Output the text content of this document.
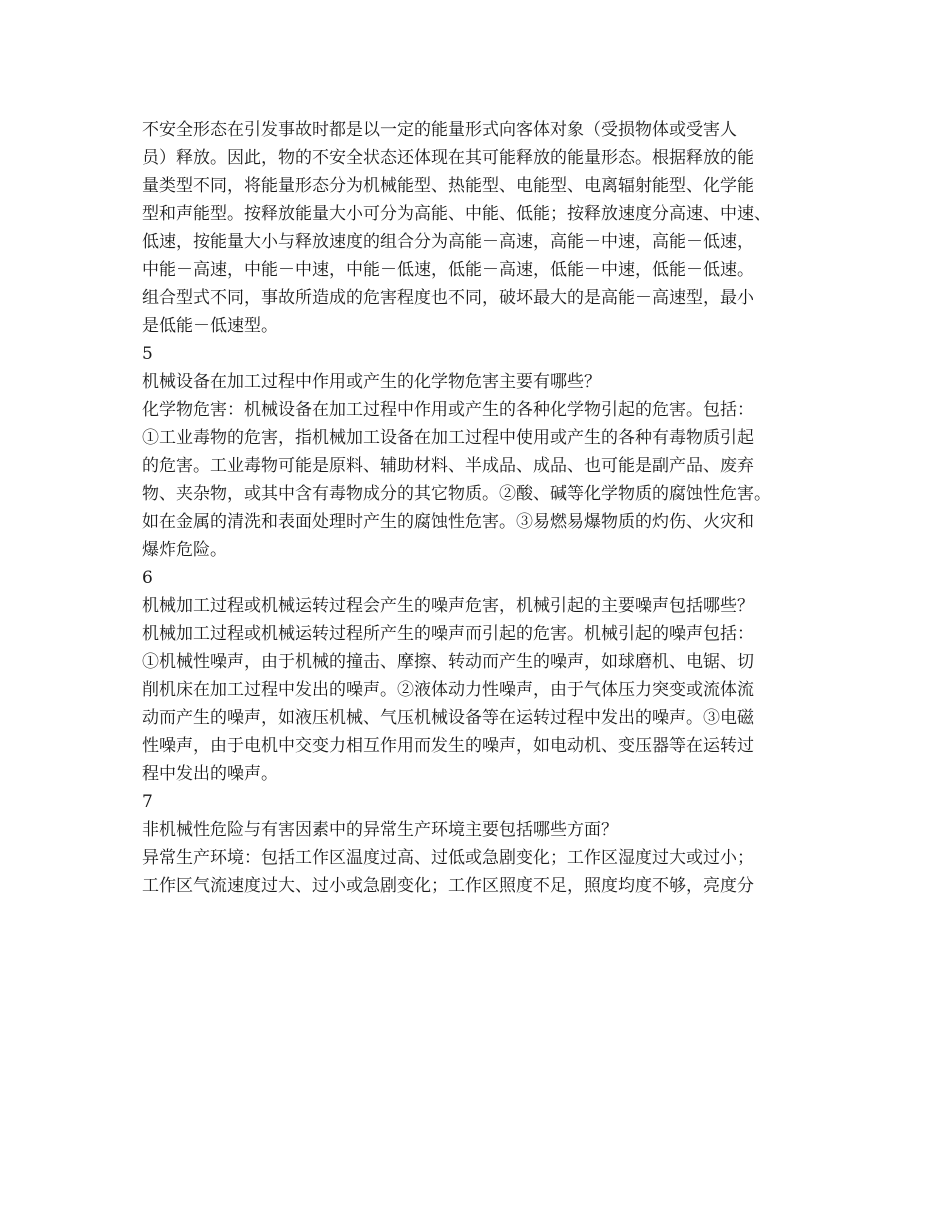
不安全形态在引发事故时都是以一定的能量形式向客体对象（受损物体或受害人
员）释放。因此，物的不安全状态还体现在其可能释放的能量形态。根据释放的能
量类型不同，将能量形态分为机械能型、热能型、电能型、电离辐射能型、化学能
型和声能型。按释放能量大小可分为高能、中能、低能；按释放速度分高速、中速、
低速，按能量大小与释放速度的组合分为高能－高速，高能－中速，高能－低速，
中能－高速，中能－中速，中能－低速，低能－高速，低能－中速，低能－低速。
组合型式不同，事故所造成的危害程度也不同，破坏最大的是高能－高速型，最小
是低能－低速型。
5
机械设备在加工过程中作用或产生的化学物危害主要有哪些？
化学物危害：机械设备在加工过程中作用或产生的各种化学物引起的危害。包括：
①工业毒物的危害，指机械加工设备在加工过程中使用或产生的各种有毒物质引起
的危害。工业毒物可能是原料、辅助材料、半成品、成品、也可能是副产品、废弃
物、夹杂物，或其中含有毒物成分的其它物质。②酸、碱等化学物质的腐蚀性危害。
如在金属的清洗和表面处理时产生的腐蚀性危害。③易燃易爆物质的灼伤、火灾和
爆炸危险。
6
机械加工过程或机械运转过程会产生的噪声危害，机械引起的主要噪声包括哪些？
机械加工过程或机械运转过程所产生的噪声而引起的危害。机械引起的噪声包括：
①机械性噪声，由于机械的撞击、摩擦、转动而产生的噪声，如球磨机、电锯、切
削机床在加工过程中发出的噪声。②液体动力性噪声，由于气体压力突变或流体流
动而产生的噪声，如液压机械、气压机械设备等在运转过程中发出的噪声。③电磁
性噪声，由于电机中交变力相互作用而发生的噪声，如电动机、变压器等在运转过
程中发出的噪声。
7
非机械性危险与有害因素中的异常生产环境主要包括哪些方面？
异常生产环境：包括工作区温度过高、过低或急剧变化；工作区湿度过大或过小；
工作区气流速度过大、过小或急剧变化；工作区照度不足，照度均度不够，亮度分
